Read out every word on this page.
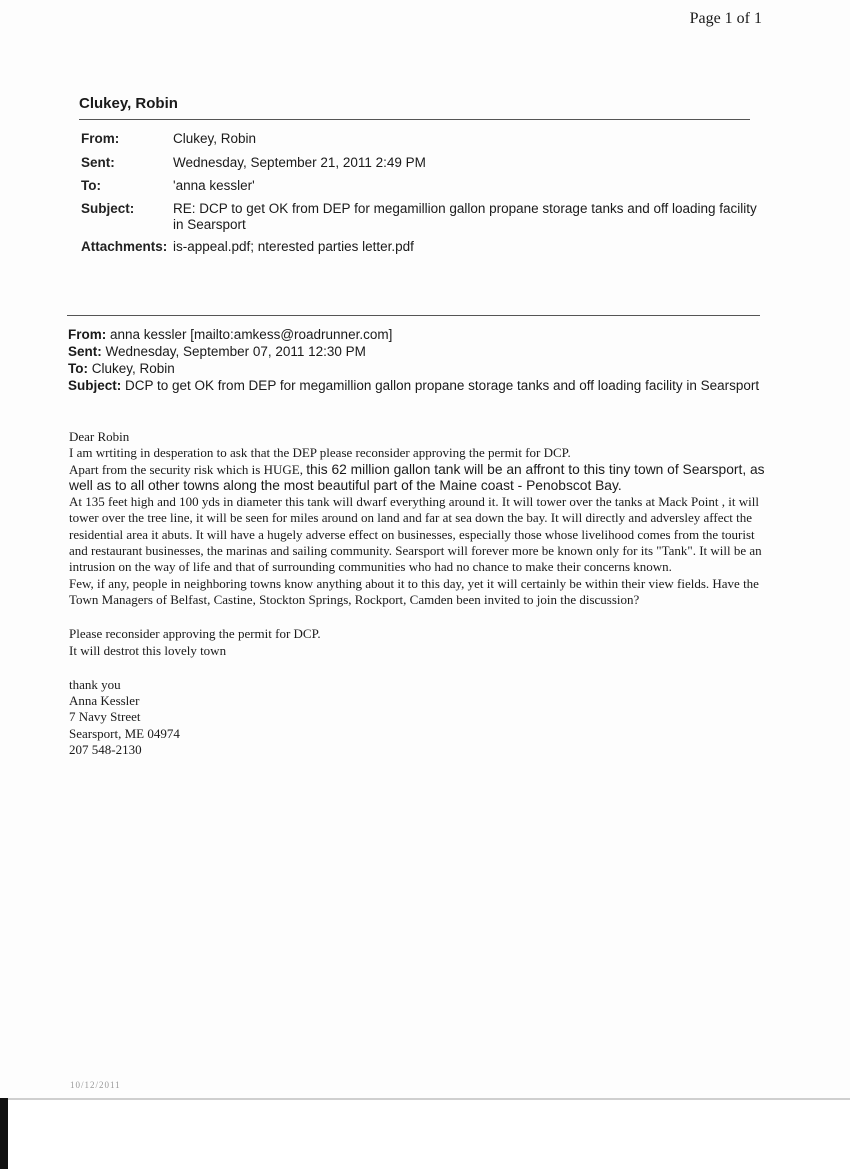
Page 1 of 1
Clukey, Robin
From:	Clukey, Robin
Sent:	Wednesday, September 21, 2011 2:49 PM
To:	'anna kessler'
Subject:	RE: DCP to get OK from DEP for megamillion gallon propane storage tanks and off loading facility in Searsport
Attachments:	is-appeal.pdf; nterested parties letter.pdf
From: anna kessler [mailto:amkess@roadrunner.com]
Sent: Wednesday, September 07, 2011 12:30 PM
To: Clukey, Robin
Subject: DCP to get OK from DEP for megamillion gallon propane storage tanks and off loading facility in Searsport
Dear Robin
I am wrtiting in desperation to ask that the DEP please reconsider approving the permit for DCP.
Apart from the security risk which is HUGE, this 62 million gallon tank will be an affront to this tiny town of Searsport, as well as to all other towns along the most beautiful part of the Maine coast - Penobscot Bay.
At 135 feet high and 100 yds in diameter this tank will dwarf everything around it. It will tower over the tanks at Mack Point , it will tower over the tree line, it will be seen for miles around on land and far at sea down the bay. It will directly and adversley affect the residential area it abuts. It will have a hugely adverse effect on businesses, especially those whose livelihood comes from the tourist and restaurant businesses, the marinas and sailing community. Searsport will forever more be known only for its "Tank". It will be an intrusion on the way of life and that of surrounding communities who had no chance to make their concerns known.
Few, if any, people in neighboring towns know anything about it to this day, yet it will certainly be within their view fields. Have the Town Managers of Belfast, Castine, Stockton Springs, Rockport, Camden been invited to join the discussion?
Please reconsider approving the permit for DCP.
It will destrot this lovely town
thank you
Anna Kessler
7 Navy Street
Searsport, ME 04974
207 548-2130
10/12/2011
